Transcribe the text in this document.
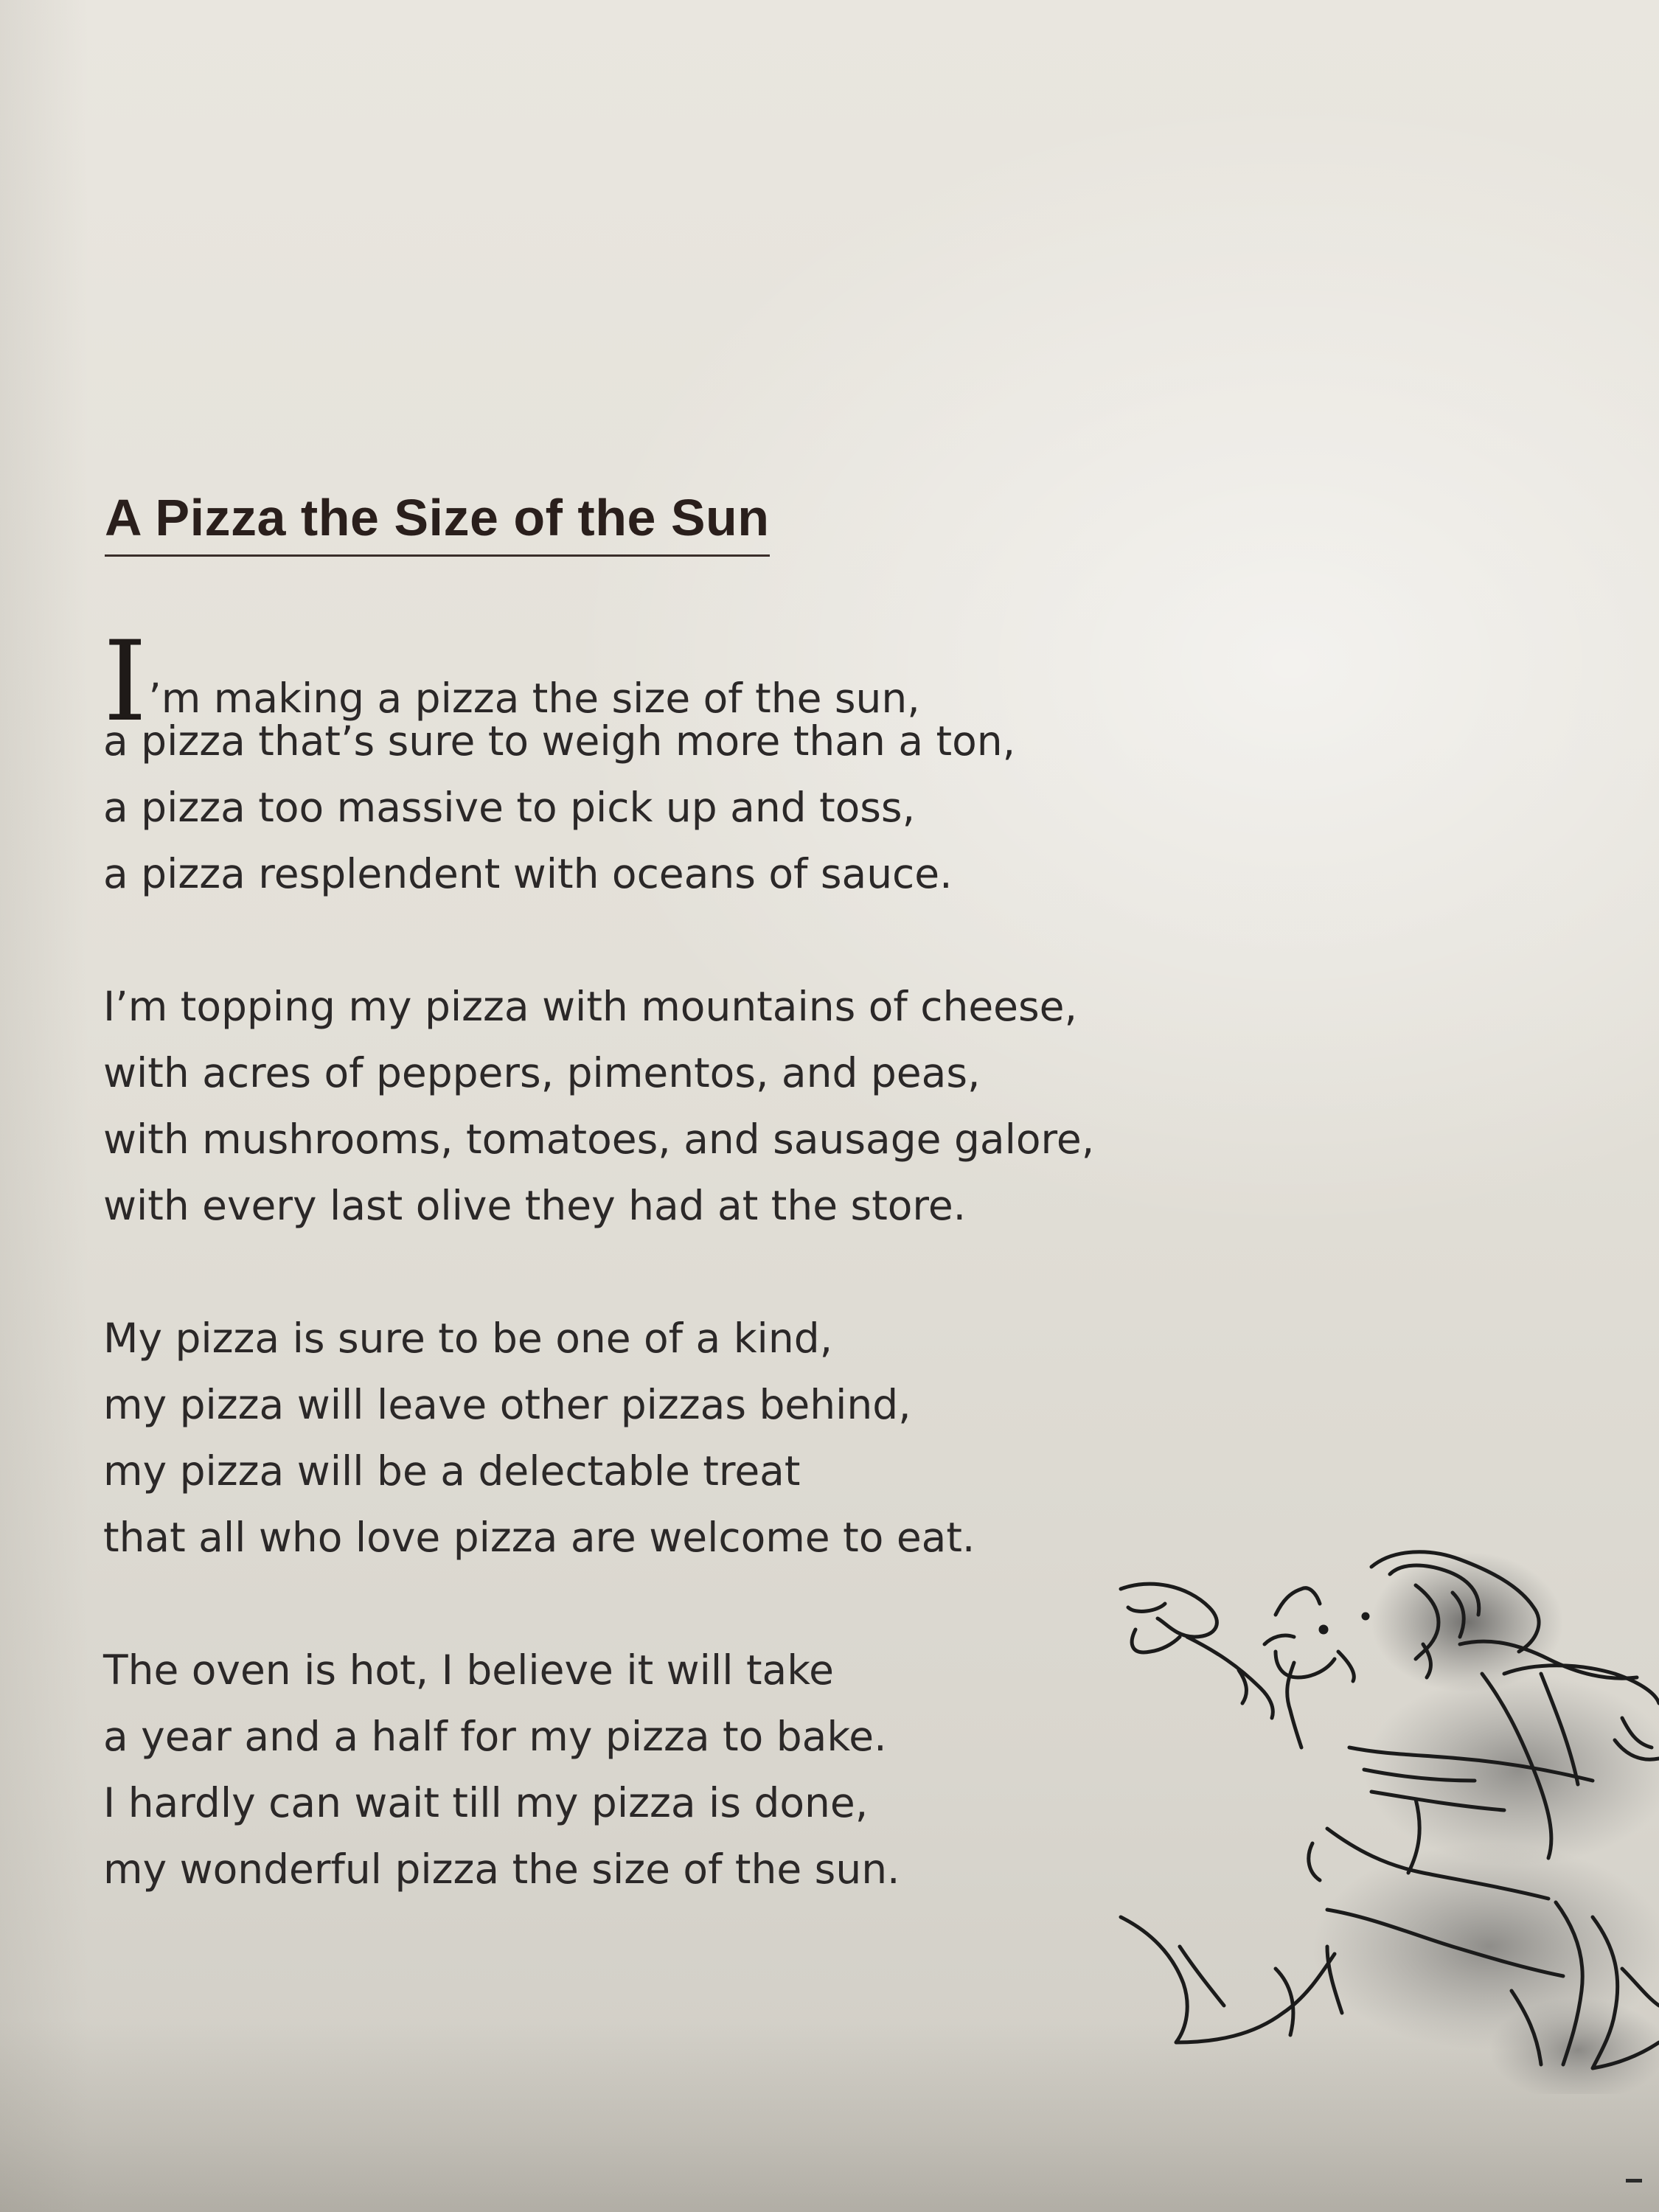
A Pizza the Size of the Sun
I’m making a pizza the size of the sun,
a pizza that’s sure to weigh more than a ton,
a pizza too massive to pick up and toss,
a pizza resplendent with oceans of sauce.
I’m topping my pizza with mountains of cheese,
with acres of peppers, pimentos, and peas,
with mushrooms, tomatoes, and sausage galore,
with every last olive they had at the store.
My pizza is sure to be one of a kind,
my pizza will leave other pizzas behind,
my pizza will be a delectable treat
that all who love pizza are welcome to eat.
The oven is hot, I believe it will take
a year and a half for my pizza to bake.
I hardly can wait till my pizza is done,
my wonderful pizza the size of the sun.
